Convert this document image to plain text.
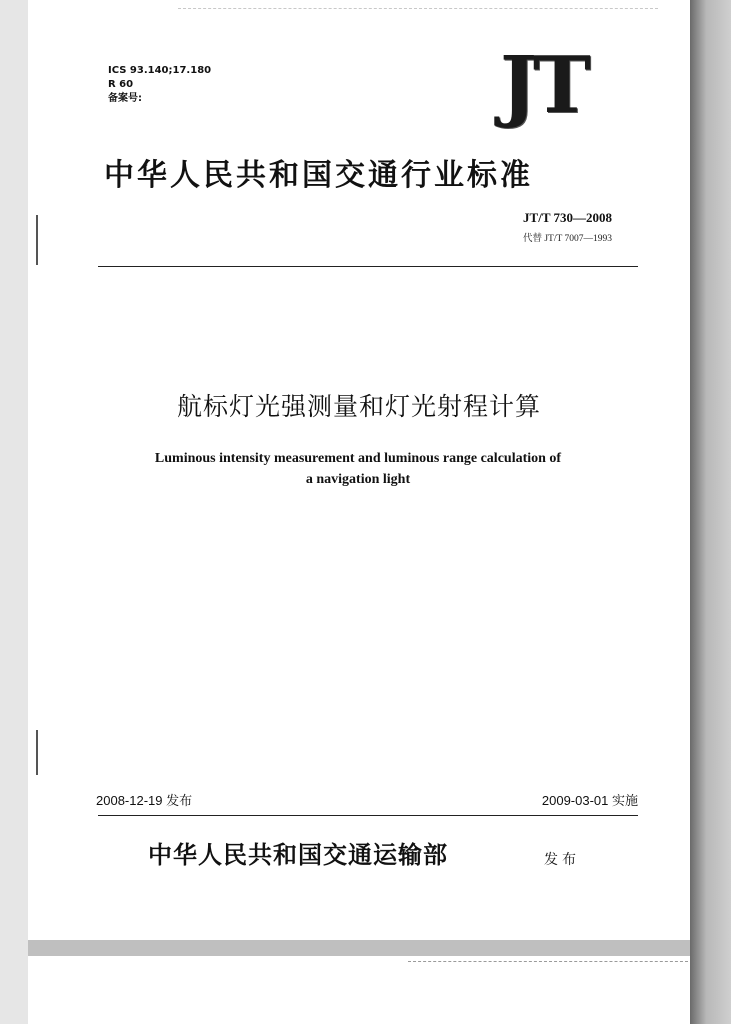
ICS 93.140;17.180
R 60
备案号:	JT
中华人民共和国交通行业标准
JT/T 730—2008
代替 JT/T 7007—1993
航标灯光强测量和灯光射程计算
Luminous intensity measurement and luminous range calculation of
a navigation light
2008-12-19 发布	2009-03-01 实施
中华人民共和国交通运输部	发布
